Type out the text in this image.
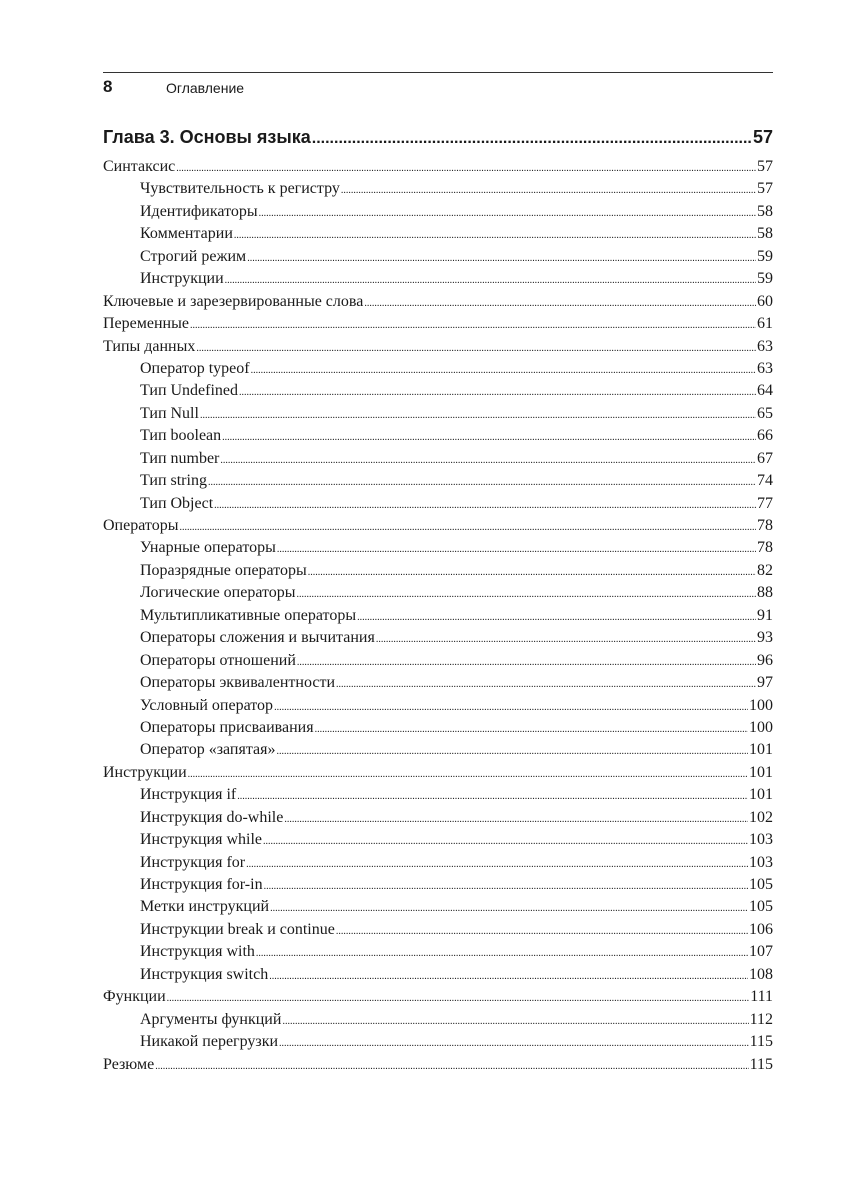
8	Оглавление
Глава 3. Основы языка .....	57
Синтаксис .....	57
Чувствительность к регистру .....	57
Идентификаторы .....	58
Комментарии .....	58
Строгий режим .....	59
Инструкции .....	59
Ключевые и зарезервированные слова .....	60
Переменные .....	61
Типы данных .....	63
Оператор typeof .....	63
Тип Undefined .....	64
Тип Null .....	65
Тип boolean .....	66
Тип number .....	67
Тип string .....	74
Тип Object .....	77
Операторы .....	78
Унарные операторы .....	78
Поразрядные операторы .....	82
Логические операторы .....	88
Мультипликативные операторы .....	91
Операторы сложения и вычитания .....	93
Операторы отношений .....	96
Операторы эквивалентности .....	97
Условный оператор .....	100
Операторы присваивания .....	100
Оператор «запятая» .....	101
Инструкции .....	101
Инструкция if .....	101
Инструкция do-while .....	102
Инструкция while .....	103
Инструкция for .....	103
Инструкция for-in .....	105
Метки инструкций .....	105
Инструкции break и continue .....	106
Инструкция with .....	107
Инструкция switch .....	108
Функции .....	111
Аргументы функций .....	112
Никакой перегрузки .....	115
Резюме .....	115
